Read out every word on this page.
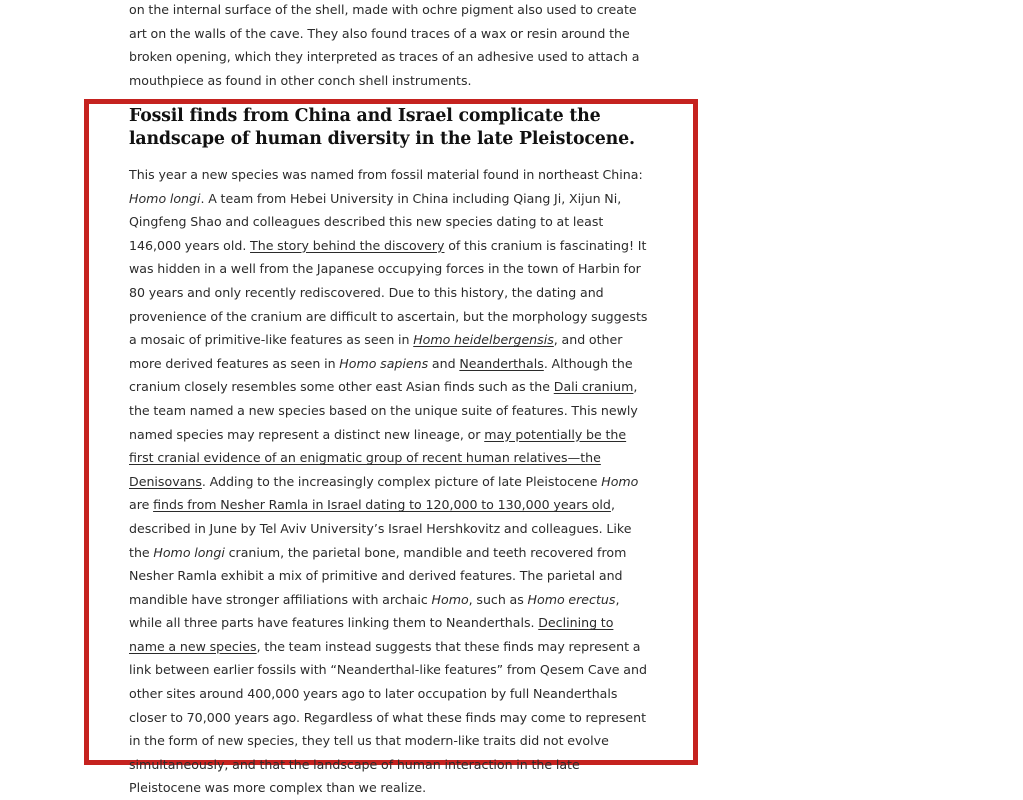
on the internal surface of the shell, made with ochre pigment also used to create art on the walls of the cave. They also found traces of a wax or resin around the broken opening, which they interpreted as traces of an adhesive used to attach a mouthpiece as found in other conch shell instruments.

Fossil finds from China and Israel complicate the landscape of human diversity in the late Pleistocene.

This year a new species was named from fossil material found in northeast China: Homo longi. A team from Hebei University in China including Qiang Ji, Xijun Ni, Qingfeng Shao and colleagues described this new species dating to at least 146,000 years old. The story behind the discovery of this cranium is fascinating! It was hidden in a well from the Japanese occupying forces in the town of Harbin for 80 years and only recently rediscovered. Due to this history, the dating and provenience of the cranium are difficult to ascertain, but the morphology suggests a mosaic of primitive-like features as seen in Homo heidelbergensis, and other more derived features as seen in Homo sapiens and Neanderthals. Although the cranium closely resembles some other east Asian finds such as the Dali cranium, the team named a new species based on the unique suite of features. This newly named species may represent a distinct new lineage, or may potentially be the first cranial evidence of an enigmatic group of recent human relatives—the Denisovans. Adding to the increasingly complex picture of late Pleistocene Homo are finds from Nesher Ramla in Israel dating to 120,000 to 130,000 years old, described in June by Tel Aviv University’s Israel Hershkovitz and colleagues. Like the Homo longi cranium, the parietal bone, mandible and teeth recovered from Nesher Ramla exhibit a mix of primitive and derived features. The parietal and mandible have stronger affiliations with archaic Homo, such as Homo erectus, while all three parts have features linking them to Neanderthals. Declining to name a new species, the team instead suggests that these finds may represent a link between earlier fossils with “Neanderthal-like features” from Qesem Cave and other sites around 400,000 years ago to later occupation by full Neanderthals closer to 70,000 years ago. Regardless of what these finds may come to represent in the form of new species, they tell us that modern-like traits did not evolve simultaneously, and that the landscape of human interaction in the late Pleistocene was more complex than we realize.
